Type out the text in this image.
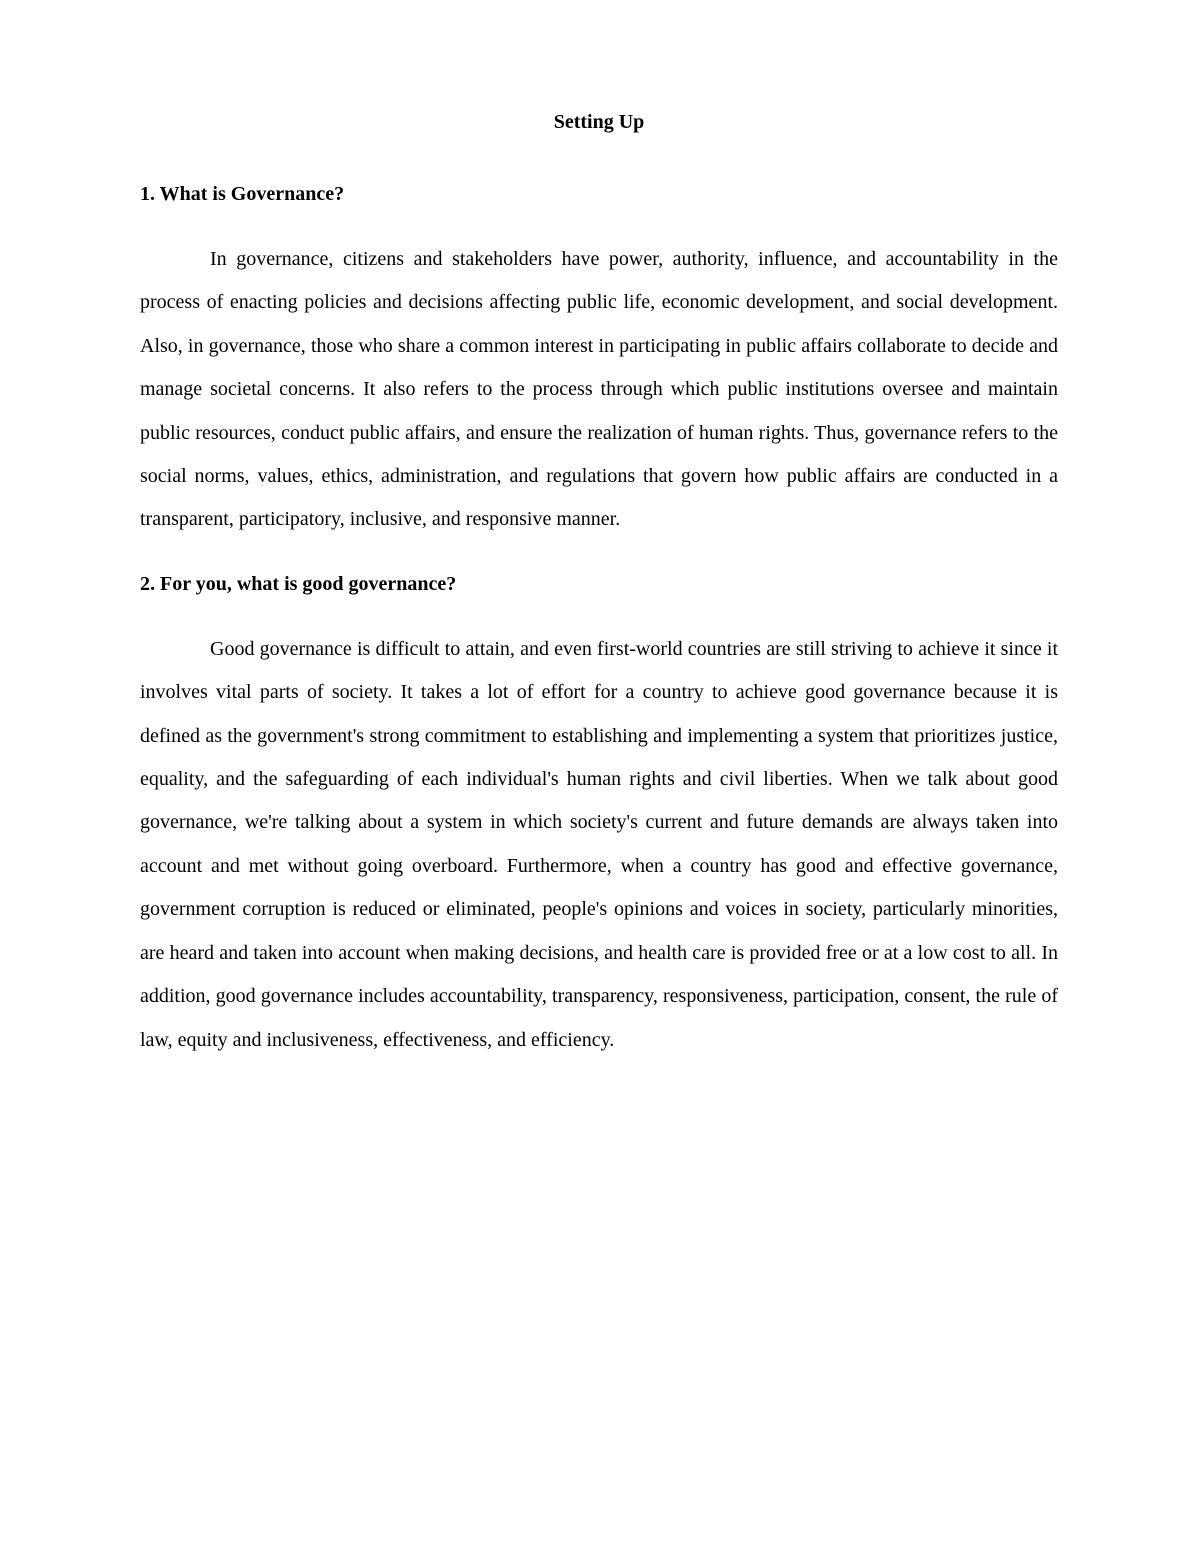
Setting Up
1. What is Governance?

In governance, citizens and stakeholders have power, authority, influence, and accountability in the process of enacting policies and decisions affecting public life, economic development, and social development. Also, in governance, those who share a common interest in participating in public affairs collaborate to decide and manage societal concerns. It also refers to the process through which public institutions oversee and maintain public resources, conduct public affairs, and ensure the realization of human rights. Thus, governance refers to the social norms, values, ethics, administration, and regulations that govern how public affairs are conducted in a transparent, participatory, inclusive, and responsive manner.

2. For you, what is good governance?

Good governance is difficult to attain, and even first-world countries are still striving to achieve it since it involves vital parts of society. It takes a lot of effort for a country to achieve good governance because it is defined as the government's strong commitment to establishing and implementing a system that prioritizes justice, equality, and the safeguarding of each individual's human rights and civil liberties. When we talk about good governance, we're talking about a system in which society's current and future demands are always taken into account and met without going overboard. Furthermore, when a country has good and effective governance, government corruption is reduced or eliminated, people's opinions and voices in society, particularly minorities, are heard and taken into account when making decisions, and health care is provided free or at a low cost to all. In addition, good governance includes accountability, transparency, responsiveness, participation, consent, the rule of law, equity and inclusiveness, effectiveness, and efficiency.
